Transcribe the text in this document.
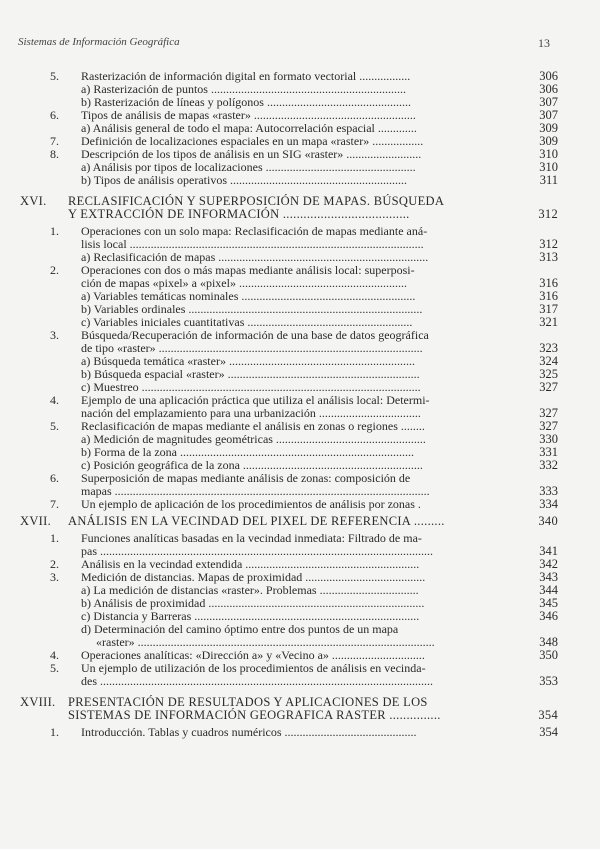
Sistemas de Información Geográfica	13
5. Rasterización de información digital en formato vectorial .................	306
a) Rasterización de puntos .................................................................	306
b) Rasterización de líneas y polígonos ................................................	307
6. Tipos de análisis de mapas «raster» ......................................................	307
a) Análisis general de todo el mapa: Autocorrelación espacial .............	309
7. Definición de localizaciones espaciales en un mapa «raster» .................	309
8. Descripción de los tipos de análisis en un SIG «raster» .........................	310
a) Análisis por tipos de localizaciones ..................................................	310
b) Tipos de análisis operativos ...........................................................	311
XVI. RECLASIFICACIÓN Y SUPERPOSICIÓN DE MAPAS. BÚSQUEDA
Y EXTRACCIÓN DE INFORMACIÓN .....................................	312
1. Operaciones con un solo mapa: Reclasificación de mapas mediante aná-
lisis local ..................................................................................................	312
a) Reclasificación de mapas ......................................................................	313
2. Operaciones con dos o más mapas mediante análisis local: superposi-
ción de mapas «pixel» a «pixel» ........................................................	316
a) Variables temáticas nominales ..........................................................	316
b) Variables ordinales ..............................................................................	317
c) Variables iniciales cuantitativas .......................................................	321
3. Búsqueda/Recuperación de información de una base de datos geográfica
de tipo «raster» ........................................................................................	323
a) Búsqueda temática «raster» ..............................................................	324
b) Búsqueda espacial «raster» ................................................................	325
c) Muestreo .............................................................................................	327
4. Ejemplo de una aplicación práctica que utiliza el análisis local: Determi-
nación del emplazamiento para una urbanización ..................................	327
5. Reclasificación de mapas mediante el análisis en zonas o regiones ........	327
a) Medición de magnitudes geométricas ..................................................	330
b) Forma de la zona ..............................................................................	331
c) Posición geográfica de la zona ............................................................	332
6. Superposición de mapas mediante análisis de zonas: composición de
mapas .........................................................................................................	333
7. Un ejemplo de aplicación de los procedimientos de análisis por zonas .	334
XVII. ANÁLISIS EN LA VECINDAD DEL PIXEL DE REFERENCIA .........	340
1. Funciones analíticas basadas en la vecindad inmediata: Filtrado de ma-
pas ...............................................................................................................	341
2. Análisis en la vecindad extendida ..........................................................	342
3. Medición de distancias. Mapas de proximidad ........................................	343
a) La medición de distancias «raster». Problemas .................................	344
b) Análisis de proximidad ........................................................................	345
c) Distancia y Barreras ...........................................................................	346
d) Determinación del camino óptimo entre dos puntos de un mapa
«raster» ...................................................................................................	348
4. Operaciones analíticas: «Dirección a» y «Vecino a» ...............................	350
5. Un ejemplo de utilización de los procedimientos de análisis en vecinda-
des ...............................................................................................................	353
XVIII. PRESENTACIÓN DE RESULTADOS Y APLICACIONES DE LOS
SISTEMAS DE INFORMACIÓN GEOGRAFICA RASTER ...............	354
1. Introducción. Tablas y cuadros numéricos ............................................	354
